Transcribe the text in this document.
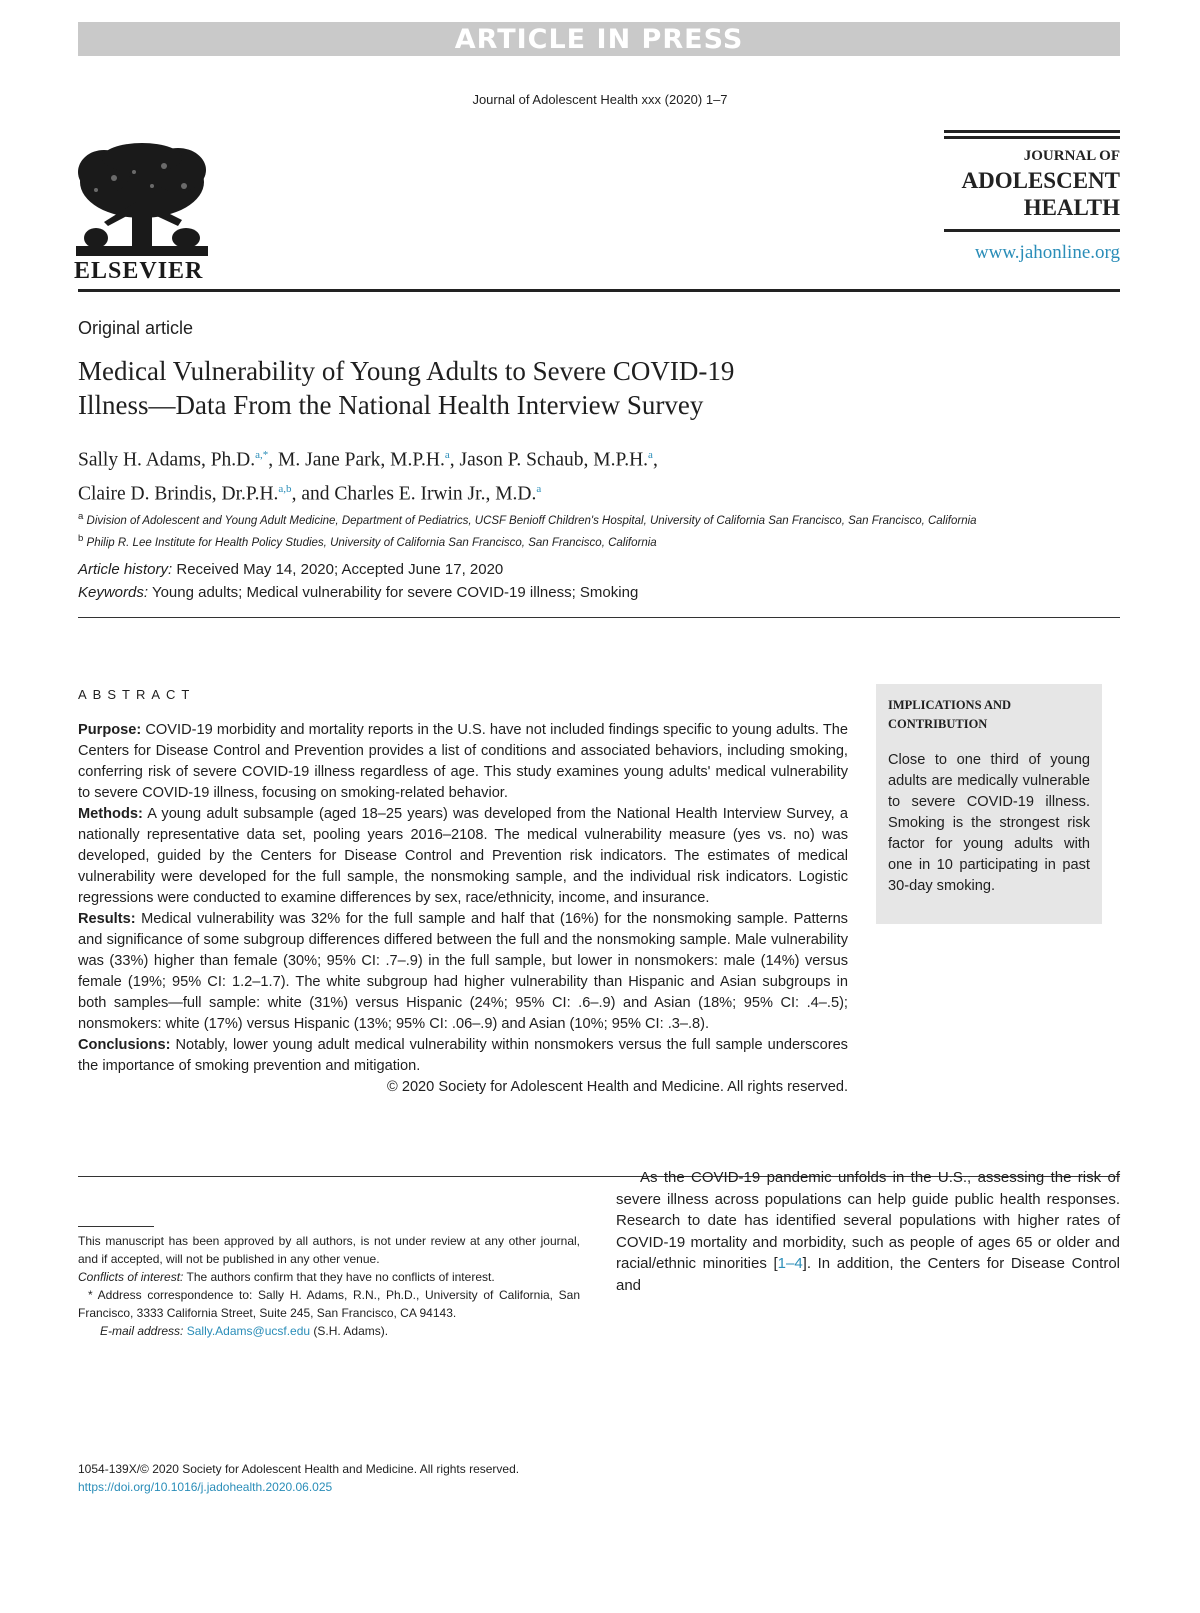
ARTICLE IN PRESS
Journal of Adolescent Health xxx (2020) 1–7
ELSEVIER
JOURNAL OF
ADOLESCENT
HEALTH
www.jahonline.org
Original article
Medical Vulnerability of Young Adults to Severe COVID-19
Illness—Data From the National Health Interview Survey
Sally H. Adams, Ph.D.$^{a,*}$, M. Jane Park, M.P.H.$^a$, Jason P. Schaub, M.P.H.$^a$,
Claire D. Brindis, Dr.P.H.$^{a,b}$, and Charles E. Irwin Jr., M.D.$^a$
$^a$ Division of Adolescent and Young Adult Medicine, Department of Pediatrics, UCSF Benioff Children's Hospital, University of California San Francisco, San Francisco, California
$^b$ Philip R. Lee Institute for Health Policy Studies, University of California San Francisco, San Francisco, California
Article history: Received May 14, 2020; Accepted June 17, 2020
Keywords: Young adults; Medical vulnerability for severe COVID-19 illness; Smoking
ABSTRACT

Purpose: COVID-19 morbidity and mortality reports in the U.S. have not included findings specific to young adults. The Centers for Disease Control and Prevention provides a list of conditions and associated behaviors, including smoking, conferring risk of severe COVID-19 illness regardless of age. This study examines young adults' medical vulnerability to severe COVID-19 illness, focusing on smoking-related behavior.

Methods: A young adult subsample (aged 18–25 years) was developed from the National Health Interview Survey, a nationally representative data set, pooling years 2016–2108. The medical vulnerability measure (yes vs. no) was developed, guided by the Centers for Disease Control and Prevention risk indicators. The estimates of medical vulnerability were developed for the full sample, the nonsmoking sample, and the individual risk indicators. Logistic regressions were conducted to examine differences by sex, race/ethnicity, income, and insurance.

Results: Medical vulnerability was 32% for the full sample and half that (16%) for the nonsmoking sample. Patterns and significance of some subgroup differences differed between the full and the nonsmoking sample. Male vulnerability was (33%) higher than female (30%; 95% CI: .7–.9) in the full sample, but lower in nonsmokers: male (14%) versus female (19%; 95% CI: 1.2–1.7). The white subgroup had higher vulnerability than Hispanic and Asian subgroups in both samples—full sample: white (31%) versus Hispanic (24%; 95% CI: .6–.9) and Asian (18%; 95% CI: .4–.5); nonsmokers: white (17%) versus Hispanic (13%; 95% CI: .06–.9) and Asian (10%; 95% CI: .3–.8).

Conclusions: Notably, lower young adult medical vulnerability within nonsmokers versus the full sample underscores the importance of smoking prevention and mitigation.

© 2020 Society for Adolescent Health and Medicine. All rights reserved.

IMPLICATIONS AND CONTRIBUTION
Close to one third of young adults are medically vulnerable to severe COVID-19 illness. Smoking is the strongest risk factor for young adults with one in 10 participating in past 30-day smoking.

This manuscript has been approved by all authors, is not under review at any other journal, and if accepted, will not be published in any other venue.

Conflicts of interest: The authors confirm that they have no conflicts of interest.

* Address correspondence to: Sally H. Adams, R.N., Ph.D., University of California, San Francisco, 3333 California Street, Suite 245, San Francisco, CA 94143.

E-mail address: Sally.Adams@ucsf.edu (S.H. Adams).

1054-139X/© 2020 Society for Adolescent Health and Medicine. All rights reserved.
https://doi.org/10.1016/j.jadohealth.2020.06.025

As the COVID-19 pandemic unfolds in the U.S., assessing the risk of severe illness across populations can help guide public health responses. Research to date has identified several populations with higher rates of COVID-19 mortality and morbidity, such as people of ages 65 or older and racial/ethnic minorities [1–4]. In addition, the Centers for Disease Control and
